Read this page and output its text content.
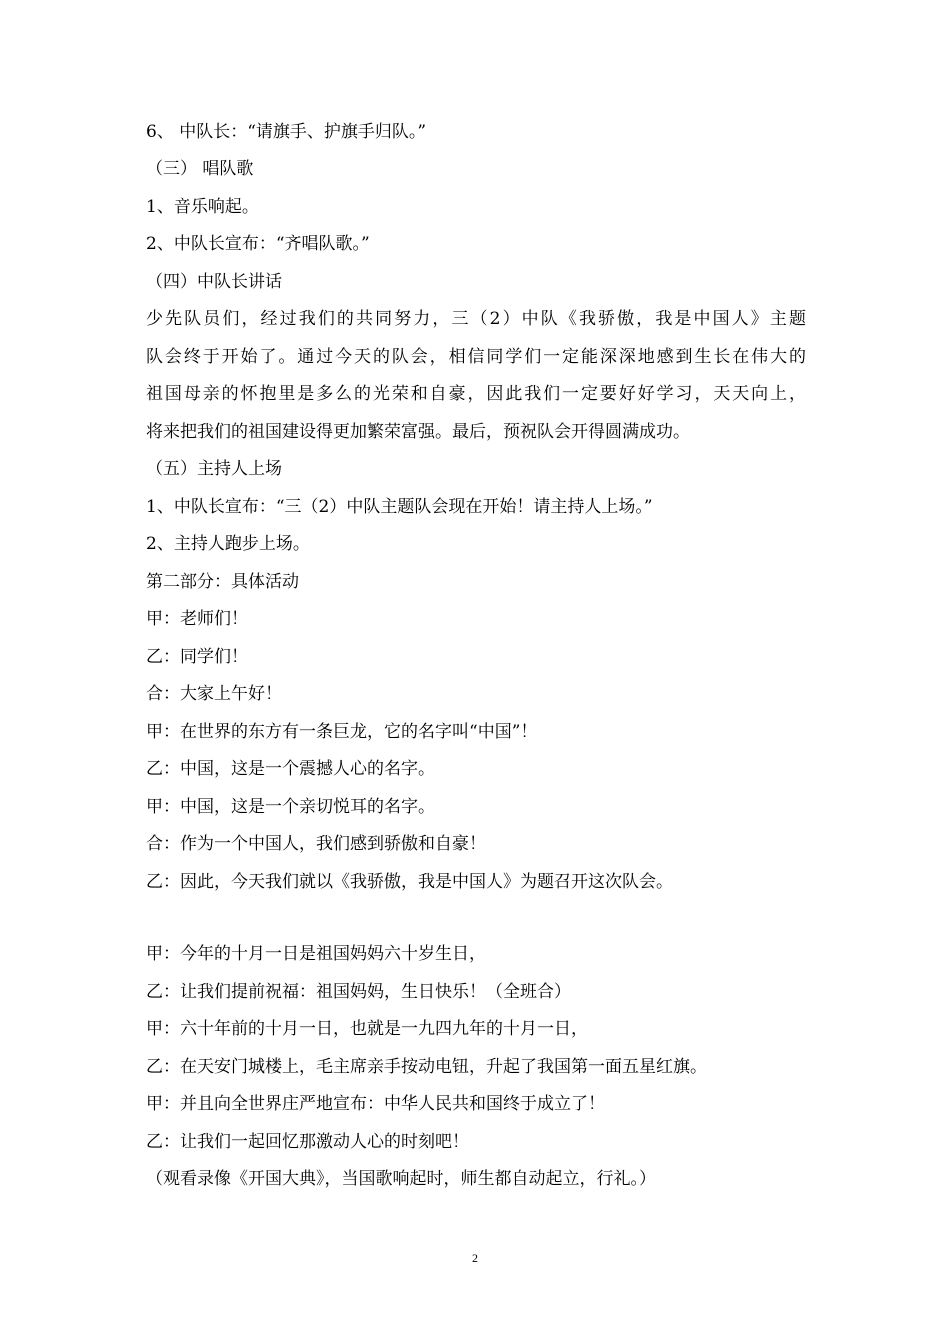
6、 中队长：“请旗手、护旗手归队。”
（三） 唱队歌
1、音乐响起。
2、中队长宣布：“齐唱队歌。”
（四）中队长讲话
少先队员们，经过我们的共同努力，三（2）中队《我骄傲，我是中国人》主题
队会终于开始了。通过今天的队会，相信同学们一定能深深地感到生长在伟大的
祖国母亲的怀抱里是多么的光荣和自豪，因此我们一定要好好学习，天天向上，
将来把我们的祖国建设得更加繁荣富强。最后，预祝队会开得圆满成功。
（五）主持人上场
1、中队长宣布：“三（2）中队主题队会现在开始！请主持人上场。”
2、主持人跑步上场。
第二部分：具体活动
甲：老师们！
乙：同学们！
合：大家上午好！
甲：在世界的东方有一条巨龙，它的名字叫“中国”！
乙：中国，这是一个震撼人心的名字。
甲：中国，这是一个亲切悦耳的名字。
合：作为一个中国人，我们感到骄傲和自豪！
乙：因此，今天我们就以《我骄傲，我是中国人》为题召开这次队会。
甲：今年的十月一日是祖国妈妈六十岁生日，
乙：让我们提前祝福：祖国妈妈，生日快乐！（全班合）
甲：六十年前的十月一日，也就是一九四九年的十月一日，
乙：在天安门城楼上，毛主席亲手按动电钮，升起了我国第一面五星红旗。
甲：并且向全世界庄严地宣布：中华人民共和国终于成立了！
乙：让我们一起回忆那激动人心的时刻吧！
（观看录像《开国大典》，当国歌响起时，师生都自动起立，行礼。）
2
